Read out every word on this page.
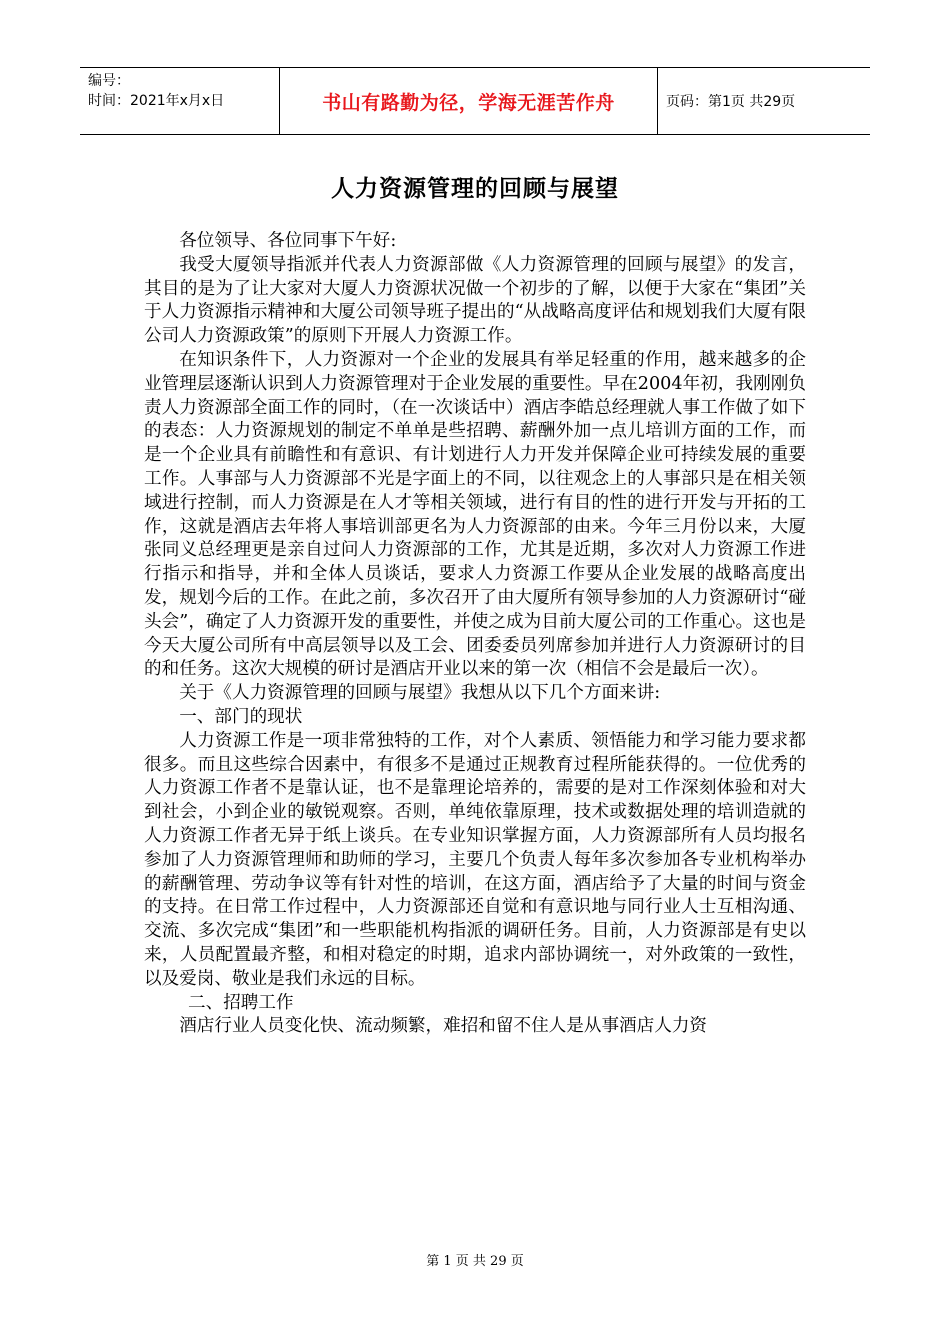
编号：
时间：2021年x月x日	书山有路勤为径，学海无涯苦作舟	页码：第1页 共29页
人力资源管理的回顾与展望

各位领导、各位同事下午好:

我受大厦领导指派并代表人力资源部做《人力资源管理的回顾与展望》的发言，其目的是为了让大家对大厦人力资源状况做一个初步的了解，以便于大家在“集团”关于人力资源指示精神和大厦公司领导班子提出的“从战略高度评估和规划我们大厦有限公司人力资源政策”的原则下开展人力资源工作。

在知识条件下，人力资源对一个企业的发展具有举足轻重的作用，越来越多的企业管理层逐渐认识到人力资源管理对于企业发展的重要性。早在2004年初，我刚刚负责人力资源部全面工作的同时，（在一次谈话中）酒店李皓总经理就人事工作做了如下的表态：人力资源规划的制定不单单是些招聘、薪酬外加一点儿培训方面的工作，而是一个企业具有前瞻性和有意识、有计划进行人力开发并保障企业可持续发展的重要工作。人事部与人力资源部不光是字面上的不同，以往观念上的人事部只是在相关领域进行控制，而人力资源是在人才等相关领域，进行有目的性的进行开发与开拓的工作，这就是酒店去年将人事培训部更名为人力资源部的由来。今年三月份以来，大厦张同义总经理更是亲自过问人力资源部的工作，尤其是近期，多次对人力资源工作进行指示和指导，并和全体人员谈话，要求人力资源工作要从企业发展的战略高度出发，规划今后的工作。在此之前，多次召开了由大厦所有领导参加的人力资源研讨“碰头会”，确定了人力资源开发的重要性，并使之成为目前大厦公司的工作重心。这也是今天大厦公司所有中高层领导以及工会、团委委员列席参加并进行人力资源研讨的目的和任务。这次大规模的研讨是酒店开业以来的第一次（相信不会是最后一次）。

关于《人力资源管理的回顾与展望》我想从以下几个方面来讲:

一、部门的现状

人力资源工作是一项非常独特的工作，对个人素质、领悟能力和学习能力要求都很多。而且这些综合因素中，有很多不是通过正规教育过程所能获得的。一位优秀的人力资源工作者不是靠认证，也不是靠理论培养的，需要的是对工作深刻体验和对大到社会，小到企业的敏锐观察。否则，单纯依靠原理，技术或数据处理的培训造就的人力资源工作者无异于纸上谈兵。在专业知识掌握方面，人力资源部所有人员均报名参加了人力资源管理师和助师的学习，主要几个负责人每年多次参加各专业机构举办的薪酬管理、劳动争议等有针对性的培训，在这方面，酒店给予了大量的时间与资金的支持。在日常工作过程中，人力资源部还自觉和有意识地与同行业人士互相沟通、交流、多次完成“集团”和一些职能机构指派的调研任务。目前，人力资源部是有史以来，人员配置最齐整，和相对稳定的时期，追求内部协调统一，对外政策的一致性，以及爱岗、敬业是我们永远的目标。

二、招聘工作

酒店行业人员变化快、流动频繁，难招和留不住人是从事酒店人力资

第 1 页 共 29 页
